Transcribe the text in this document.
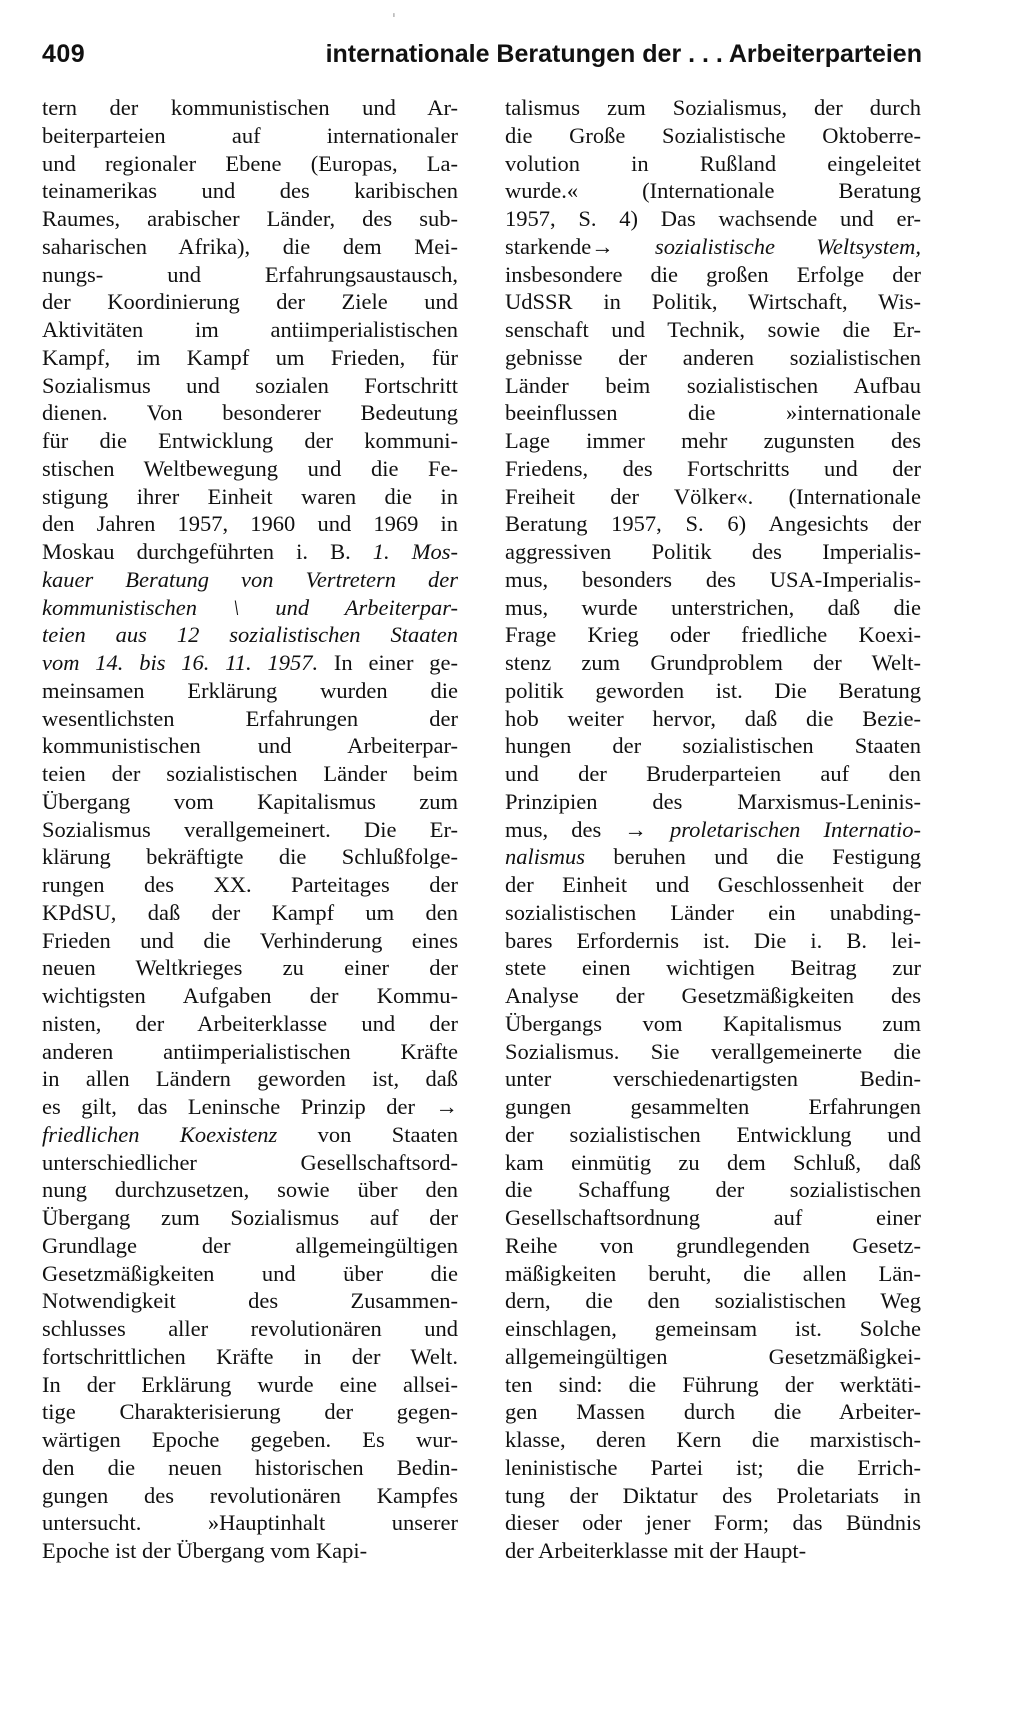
409	internationale Beratungen der . . . Arbeiterparteien
tern der kommunistischen und Ar-
beiterparteien auf internationaler
und regionaler Ebene (Europas, La-
teinamerikas und des karibischen
Raumes, arabischer Länder, des sub-
saharischen Afrika), die dem Mei-
nungs- und Erfahrungsaustausch,
der Koordinierung der Ziele und
Aktivitäten im antiimperialistischen
Kampf, im Kampf um Frieden, für
Sozialismus und sozialen Fortschritt
dienen. Von besonderer Bedeutung
für die Entwicklung der kommuni-
stischen Weltbewegung und die Fe-
stigung ihrer Einheit waren die in
den Jahren 1957, 1960 und 1969 in
Moskau durchgeführten i. B. 1. Mos-
kauer Beratung von Vertretern der
kommunistischen \ und Arbeiterpar-
teien aus 12 sozialistischen Staaten
vom 14. bis 16. 11. 1957. In einer ge-
meinsamen Erklärung wurden die
wesentlichsten Erfahrungen der
kommunistischen und Arbeiterpar-
teien der sozialistischen Länder beim
Übergang vom Kapitalismus zum
Sozialismus verallgemeinert. Die Er-
klärung bekräftigte die Schlußfolge-
rungen des XX. Parteitages der
KPdSU, daß der Kampf um den
Frieden und die Verhinderung eines
neuen Weltkrieges zu einer der
wichtigsten Aufgaben der Kommu-
nisten, der Arbeiterklasse und der
anderen antiimperialistischen Kräfte
in allen Ländern geworden ist, daß
es gilt, das Leninsche Prinzip der →
friedlichen Koexistenz von Staaten
unterschiedlicher Gesellschaftsord-
nung durchzusetzen, sowie über den
Übergang zum Sozialismus auf der
Grundlage der allgemeingültigen
Gesetzmäßigkeiten und über die
Notwendigkeit des Zusammen-
schlusses aller revolutionären und
fortschrittlichen Kräfte in der Welt.
In der Erklärung wurde eine allsei-
tige Charakterisierung der gegen-
wärtigen Epoche gegeben. Es wur-
den die neuen historischen Bedin-
gungen des revolutionären Kampfes
untersucht. »Hauptinhalt unserer
Epoche ist der Übergang vom Kapi-
talismus zum Sozialismus, der durch
die Große Sozialistische Oktoberre-
volution in Rußland eingeleitet
wurde.« (Internationale Beratung
1957, S. 4) Das wachsende und er-
starkende→ sozialistische Weltsystem,
insbesondere die großen Erfolge der
UdSSR in Politik, Wirtschaft, Wis-
senschaft und Technik, sowie die Er-
gebnisse der anderen sozialistischen
Länder beim sozialistischen Aufbau
beeinflussen die »internationale
Lage immer mehr zugunsten des
Friedens, des Fortschritts und der
Freiheit der Völker«. (Internationale
Beratung 1957, S. 6) Angesichts der
aggressiven Politik des Imperialis-
mus, besonders des USA-Imperialis-
mus, wurde unterstrichen, daß die
Frage Krieg oder friedliche Koexi-
stenz zum Grundproblem der Welt-
politik geworden ist. Die Beratung
hob weiter hervor, daß die Bezie-
hungen der sozialistischen Staaten
und der Bruderparteien auf den
Prinzipien des Marxismus-Leninis-
mus, des → proletarischen Internatio-
nalismus beruhen und die Festigung
der Einheit und Geschlossenheit der
sozialistischen Länder ein unabding-
bares Erfordernis ist. Die i. B. lei-
stete einen wichtigen Beitrag zur
Analyse der Gesetzmäßigkeiten des
Übergangs vom Kapitalismus zum
Sozialismus. Sie verallgemeinerte die
unter verschiedenartigsten Bedin-
gungen gesammelten Erfahrungen
der sozialistischen Entwicklung und
kam einmütig zu dem Schluß, daß
die Schaffung der sozialistischen
Gesellschaftsordnung auf einer
Reihe von grundlegenden Gesetz-
mäßigkeiten beruht, die allen Län-
dern, die den sozialistischen Weg
einschlagen, gemeinsam ist. Solche
allgemeingültigen Gesetzmäßigkei-
ten sind: die Führung der werktäti-
gen Massen durch die Arbeiter-
klasse, deren Kern die marxistisch-
leninistische Partei ist; die Errich-
tung der Diktatur des Proletariats in
dieser oder jener Form; das Bündnis
der Arbeiterklasse mit der Haupt-
ˈ
